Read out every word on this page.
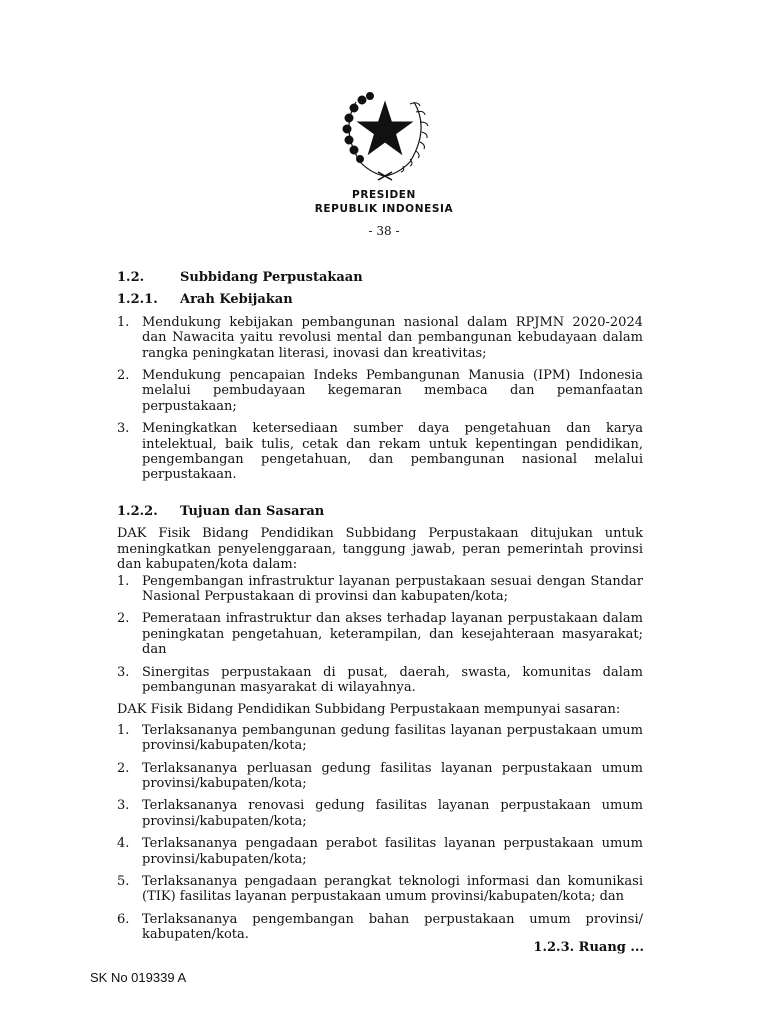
PRESIDEN
REPUBLIK INDONESIA
- 38 -
1.2.	Subbidang Perpustakaan
1.2.1.	Arah Kebijakan
1. Mendukung kebijakan pembangunan nasional dalam RPJMN 2020-2024 dan Nawacita yaitu revolusi mental dan pembangunan kebudayaan dalam rangka peningkatan literasi, inovasi dan kreativitas;
2. Mendukung pencapaian Indeks Pembangunan Manusia (IPM) Indonesia melalui pembudayaan kegemaran membaca dan pemanfaatan perpustakaan;
3. Meningkatkan ketersediaan sumber daya pengetahuan dan karya intelektual, baik tulis, cetak dan rekam untuk kepentingan pendidikan, pengembangan pengetahuan, dan pembangunan nasional melalui perpustakaan.
1.2.2.	Tujuan dan Sasaran

DAK Fisik Bidang Pendidikan Subbidang Perpustakaan ditujukan untuk meningkatkan penyelenggaraan, tanggung jawab, peran pemerintah provinsi dan kabupaten/kota dalam:

1. Pengembangan infrastruktur layanan perpustakaan sesuai dengan Standar Nasional Perpustakaan di provinsi dan kabupaten/kota;
2. Pemerataan infrastruktur dan akses terhadap layanan perpustakaan dalam peningkatan pengetahuan, keterampilan, dan kesejahteraan masyarakat; dan
3. Sinergitas perpustakaan di pusat, daerah, swasta, komunitas dalam pembangunan masyarakat di wilayahnya.

DAK Fisik Bidang Pendidikan Subbidang Perpustakaan mempunyai sasaran:

1. Terlaksananya pembangunan gedung fasilitas layanan perpustakaan umum provinsi/kabupaten/kota;
2. Terlaksananya perluasan gedung fasilitas layanan perpustakaan umum provinsi/kabupaten/kota;
3. Terlaksananya renovasi gedung fasilitas layanan perpustakaan umum provinsi/kabupaten/kota;
4. Terlaksananya pengadaan perabot fasilitas layanan perpustakaan umum provinsi/kabupaten/kota;
5. Terlaksananya pengadaan perangkat teknologi informasi dan komunikasi (TIK) fasilitas layanan perpustakaan umum provinsi/kabupaten/kota; dan
6. Terlaksananya pengembangan bahan perpustakaan umum provinsi/ kabupaten/kota.
1.2.3. Ruang ...
SK No 019339 A
